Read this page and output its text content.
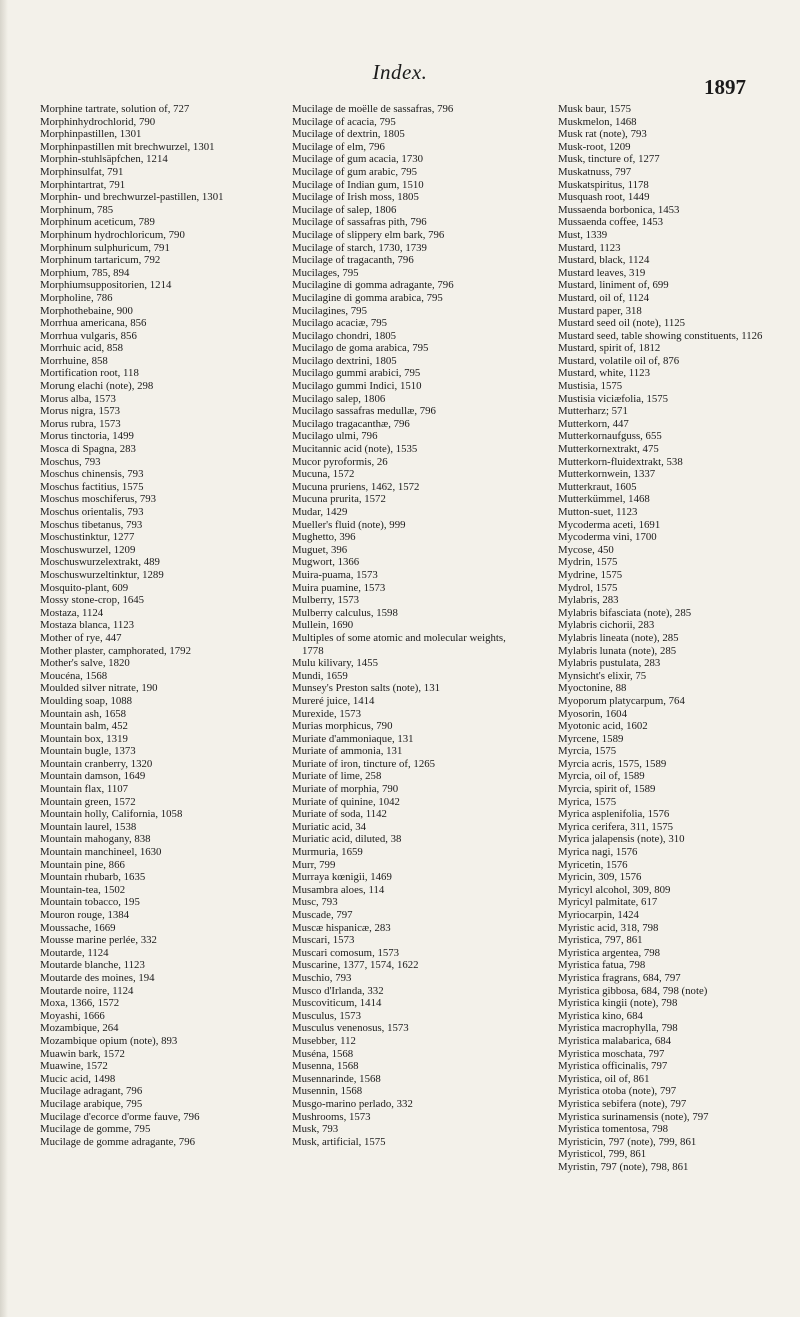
Index.
1897
Morphine tartrate, solution of, 727
Morphinhydrochlorid, 790
Morphinpastillen, 1301
Morphinpastillen mit brechwurzel, 1301
Morphin-stuhlsäpfchen, 1214
Morphinsulfat, 791
Morphintartrat, 791
Morphin- und brechwurzel-pastillen, 1301
Morphinum, 785
Morphinum aceticum, 789
Morphinum hydrochloricum, 790
Morphinum sulphuricum, 791
Morphinum tartaricum, 792
Morphium, 785, 894
Morphiumsuppositorien, 1214
Morpholine, 786
Morphothebaine, 900
Morrhua americana, 856
Morrhua vulgaris, 856
Morrhuic acid, 858
Morrhuine, 858
Mortification root, 118
Morung elachi (note), 298
Morus alba, 1573
Morus nigra, 1573
Morus rubra, 1573
Morus tinctoria, 1499
Mosca di Spagna, 283
Moschus, 793
Moschus chinensis, 793
Moschus factitius, 1575
Moschus moschiferus, 793
Moschus orientalis, 793
Moschus tibetanus, 793
Moschustinktur, 1277
Moschuswurzel, 1209
Moschuswurzelextrakt, 489
Moschuswurzeltinktur, 1289
Mosquito-plant, 609
Mossy stone-crop, 1645
Mostaza, 1124
Mostaza blanca, 1123
Mother of rye, 447
Mother plaster, camphorated, 1792
Mother's salve, 1820
Moucéna, 1568
Moulded silver nitrate, 190
Moulding soap, 1088
Mountain ash, 1658
Mountain balm, 452
Mountain box, 1319
Mountain bugle, 1373
Mountain cranberry, 1320
Mountain damson, 1649
Mountain flax, 1107
Mountain green, 1572
Mountain holly, California, 1058
Mountain laurel, 1538
Mountain mahogany, 838
Mountain manchineel, 1630
Mountain pine, 866
Mountain rhubarb, 1635
Mountain-tea, 1502
Mountain tobacco, 195
Mouron rouge, 1384
Moussache, 1669
Mousse marine perlée, 332
Moutarde, 1124
Moutarde blanche, 1123
Moutarde des moines, 194
Moutarde noire, 1124
Moxa, 1366, 1572
Moyashi, 1666
Mozambique, 264
Mozambique opium (note), 893
Muawin bark, 1572
Muawine, 1572
Mucic acid, 1498
Mucilage adragant, 796
Mucilage arabique, 795
Mucilage d'ecorce d'orme fauve, 796
Mucilage de gomme, 795
Mucilage de gomme adragante, 796
Mucilage de moëlle de sassafras, 796
Mucilage of acacia, 795
Mucilage of dextrin, 1805
Mucilage of elm, 796
Mucilage of gum acacia, 1730
Mucilage of gum arabic, 795
Mucilage of Indian gum, 1510
Mucilage of Irish moss, 1805
Mucilage of salep, 1806
Mucilage of sassafras pith, 796
Mucilage of slippery elm bark, 796
Mucilage of starch, 1730, 1739
Mucilage of tragacanth, 796
Mucilages, 795
Mucilagine di gomma adragante, 796
Mucilagine di gomma arabica, 795
Mucilagines, 795
Mucilago acaciæ, 795
Mucilago chondri, 1805
Mucilago de goma arabica, 795
Mucilago dextrini, 1805
Mucilago gummi arabici, 795
Mucilago gummi Indici, 1510
Mucilago salep, 1806
Mucilago sassafras medullæ, 796
Mucilago tragacanthæ, 796
Mucilago ulmi, 796
Mucitannic acid (note), 1535
Mucor pyroformis, 26
Mucuna, 1572
Mucuna pruriens, 1462, 1572
Mucuna prurita, 1572
Mudar, 1429
Mueller's fluid (note), 999
Mughetto, 396
Muguet, 396
Mugwort, 1366
Muira-puama, 1573
Muira puamine, 1573
Mulberry, 1573
Mulberry calculus, 1598
Mullein, 1690
Multiples of some atomic and molecular weights, 1778
Mulu kilivary, 1455
Mundi, 1659
Munsey's Preston salts (note), 131
Mureré juice, 1414
Murexide, 1573
Murias morphicus, 790
Muriate d'ammoniaque, 131
Muriate of ammonia, 131
Muriate of iron, tincture of, 1265
Muriate of lime, 258
Muriate of morphia, 790
Muriate of quinine, 1042
Muriate of soda, 1142
Muriatic acid, 34
Muriatic acid, diluted, 38
Murmuria, 1659
Murr, 799
Murraya kœnigii, 1469
Musambra aloes, 114
Musc, 793
Muscade, 797
Muscæ hispanicæ, 283
Muscari, 1573
Muscari comosum, 1573
Muscarine, 1377, 1574, 1622
Muschio, 793
Musco d'Irlanda, 332
Muscoviticum, 1414
Musculus, 1573
Musculus venenosus, 1573
Musebber, 112
Muséna, 1568
Musenna, 1568
Musennarinde, 1568
Musennin, 1568
Musgo-marino perlado, 332
Mushrooms, 1573
Musk, 793
Musk, artificial, 1575
Musk baur, 1575
Muskmelon, 1468
Musk rat (note), 793
Musk-root, 1209
Musk, tincture of, 1277
Muskatnuss, 797
Muskatspiritus, 1178
Musquash root, 1449
Mussaenda borbonica, 1453
Mussaenda coffee, 1453
Must, 1339
Mustard, 1123
Mustard, black, 1124
Mustard leaves, 319
Mustard, liniment of, 699
Mustard, oil of, 1124
Mustard paper, 318
Mustard seed oil (note), 1125
Mustard seed, table showing constituents, 1126
Mustard, spirit of, 1812
Mustard, volatile oil of, 876
Mustard, white, 1123
Mustisia, 1575
Mustisia viciæfolia, 1575
Mutterharz; 571
Mutterkorn, 447
Mutterkornaufguss, 655
Mutterkornextrakt, 475
Mutterkorn-fluidextrakt, 538
Mutterkornwein, 1337
Mutterkraut, 1605
Mutterkümmel, 1468
Mutton-suet, 1123
Mycoderma aceti, 1691
Mycoderma vini, 1700
Mycose, 450
Mydrin, 1575
Mydrine, 1575
Mydrol, 1575
Mylabris, 283
Mylabris bifasciata (note), 285
Mylabris cichorii, 283
Mylabris lineata (note), 285
Mylabris lunata (note), 285
Mylabris pustulata, 283
Mynsicht's elixir, 75
Myoctonine, 88
Myoporum platycarpum, 764
Myosorin, 1604
Myotonic acid, 1602
Myrcene, 1589
Myrcia, 1575
Myrcia acris, 1575, 1589
Myrcia, oil of, 1589
Myrcia, spirit of, 1589
Myrica, 1575
Myrica asplenifolia, 1576
Myrica cerifera, 311, 1575
Myrica jalapensis (note), 310
Myrica nagi, 1576
Myricetin, 1576
Myricin, 309, 1576
Myricyl alcohol, 309, 809
Myricyl palmitate, 617
Myriocarpin, 1424
Myristic acid, 318, 798
Myristica, 797, 861
Myristica argentea, 798
Myristica fatua, 798
Myristica fragrans, 684, 797
Myristica gibbosa, 684, 798 (note)
Myristica kingii (note), 798
Myristica kino, 684
Myristica macrophylla, 798
Myristica malabarica, 684
Myristica moschata, 797
Myristica officinalis, 797
Myristica, oil of, 861
Myristica otoba (note), 797
Myristica sebifera (note), 797
Myristica surinamensis (note), 797
Myristica tomentosa, 798
Myristicin, 797 (note), 799, 861
Myristicol, 799, 861
Myristin, 797 (note), 798, 861
